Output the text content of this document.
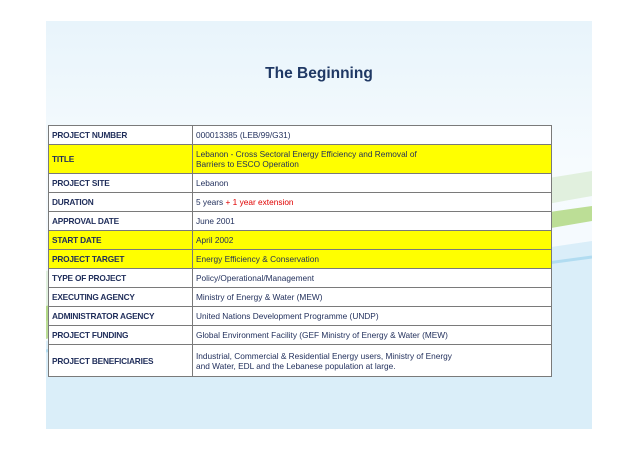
The Beginning
PROJECT NUMBER	000013385 (LEB/99/G31)
TITLE	Lebanon - Cross Sectoral Energy Efficiency and Removal of
Barriers to ESCO Operation

PROJECT SITE	Lebanon
DURATION	5 years + 1 year extension
APPROVAL DATE	June 2001
START DATE	April 2002
PROJECT TARGET	Energy Efficiency & Conservation
TYPE OF PROJECT	Policy/Operational/Management
EXECUTING AGENCY	Ministry of Energy & Water (MEW)
ADMINISTRATOR AGENCY	United Nations Development Programme (UNDP)
PROJECT FUNDING	Global Environment Facility (GEF Ministry of Energy & Water (MEW)
PROJECT BENEFICIARIES	Industrial, Commercial & Residential Energy users, Ministry of Energy
and Water, EDL and the Lebanese population at large.
